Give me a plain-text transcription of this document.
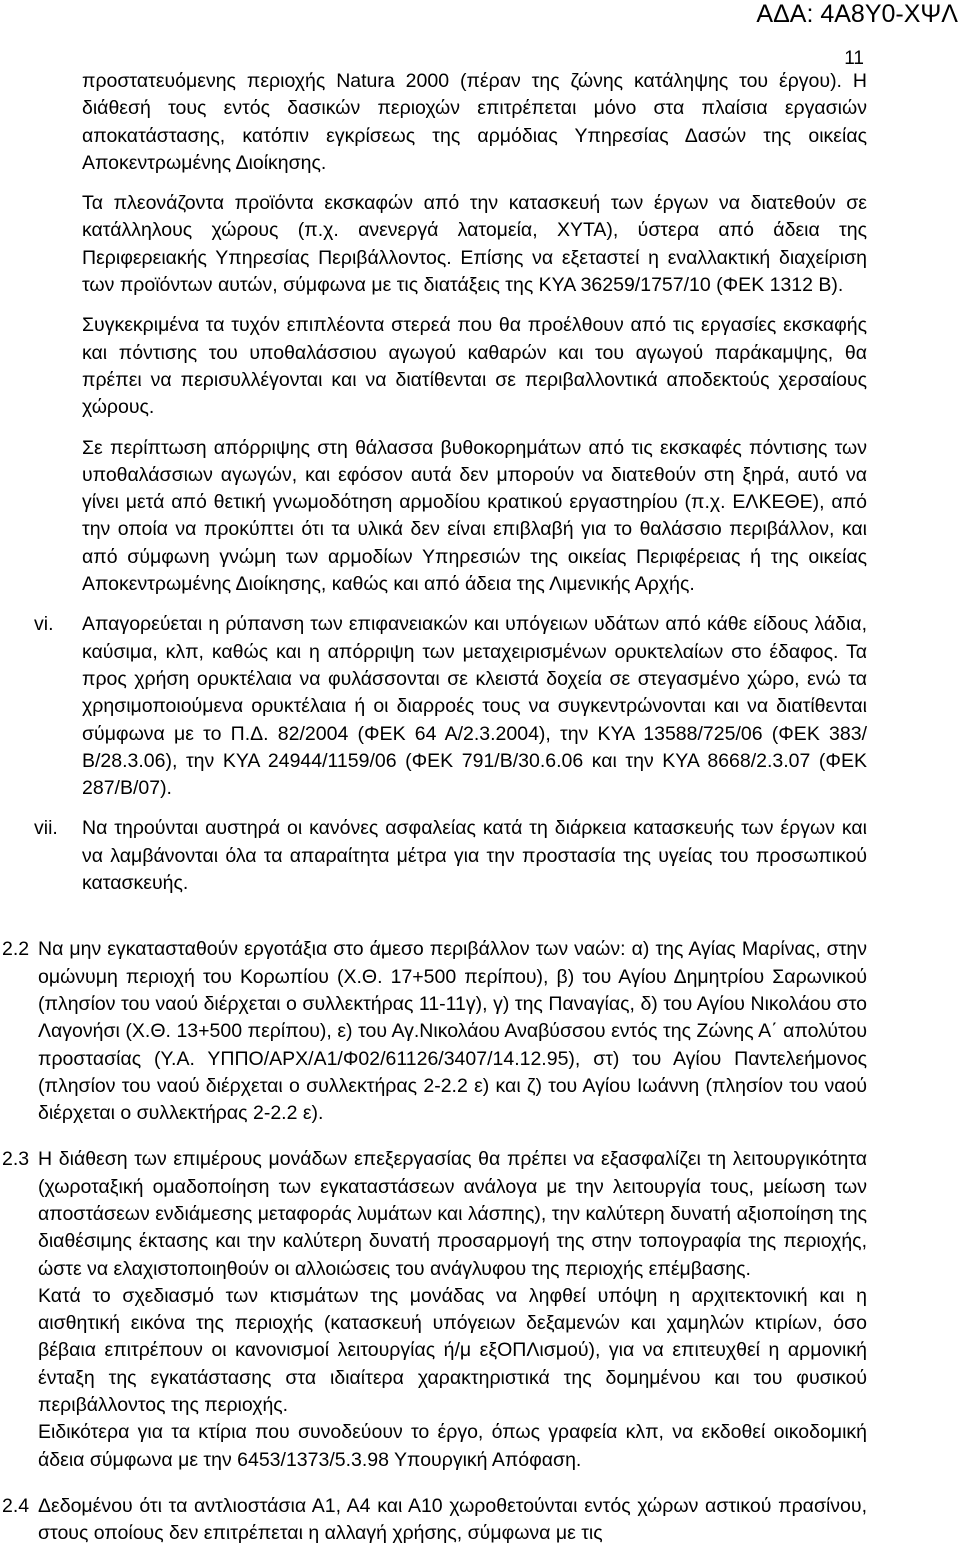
ΑΔΑ: 4Α8Υ0-ΧΨΛ
11

προστατευόμενης περιοχής Natura 2000 (πέραν της ζώνης κατάληψης του έργου). Η διάθεσή τους εντός δασικών περιοχών επιτρέπεται μόνο στα πλαίσια εργασιών αποκατάστασης, κατόπιν εγκρίσεως της αρμόδιας Υπηρεσίας Δασών της οικείας Αποκεντρωμένης Διοίκησης.

Τα πλεονάζοντα προϊόντα εκσκαφών από την κατασκευή των έργων να διατεθούν σε κατάλληλους χώρους (π.χ. ανενεργά λατομεία, ΧΥΤΑ), ύστερα από άδεια της Περιφερειακής Υπηρεσίας Περιβάλλοντος. Επίσης να εξεταστεί η εναλλακτική διαχείριση των προϊόντων αυτών, σύμφωνα με τις διατάξεις της ΚΥΑ 36259/1757/10 (ΦΕΚ 1312 Β).

Συγκεκριμένα τα τυχόν επιπλέοντα στερεά που θα προέλθουν από τις εργασίες εκσκαφής και πόντισης του υποθαλάσσιου αγωγού καθαρών και του αγωγού παράκαμψης, θα πρέπει να περισυλλέγονται και να διατίθενται σε περιβαλλοντικά αποδεκτούς χερσαίους χώρους.

Σε περίπτωση απόρριψης στη θάλασσα βυθοκορημάτων από τις εκσκαφές πόντισης των υποθαλάσσιων αγωγών, και εφόσον αυτά δεν μπορούν να διατεθούν στη ξηρά, αυτό να γίνει μετά από θετική γνωμοδότηση αρμοδίου κρατικού εργαστηρίου (π.χ. ΕΛΚΕΘΕ), από την οποία να προκύπτει ότι τα υλικά δεν είναι επιβλαβή για το θαλάσσιο περιβάλλον, και από σύμφωνη γνώμη των αρμοδίων Υπηρεσιών της οικείας Περιφέρειας ή της οικείας Αποκεντρωμένης Διοίκησης, καθώς και από άδεια της Λιμενικής Αρχής.

vi. Απαγορεύεται η ρύπανση των επιφανειακών και υπόγειων υδάτων από κάθε είδους λάδια, καύσιμα, κλπ, καθώς και η απόρριψη των μεταχειρισμένων ορυκτελαίων στο έδαφος. Τα προς χρήση ορυκτέλαια να φυλάσσονται σε κλειστά δοχεία σε στεγασμένο χώρο, ενώ τα χρησιμοποιούμενα ορυκτέλαια ή οι διαρροές τους να συγκεντρώνονται και να διατίθενται σύμφωνα με το Π.Δ. 82/2004 (ΦΕΚ 64 Α/2.3.2004), την ΚΥΑ 13588/725/06 (ΦΕΚ 383/Β/28.3.06), την ΚΥΑ 24944/1159/06 (ΦΕΚ 791/Β/30.6.06 και την ΚΥΑ 8668/2.3.07 (ΦΕΚ 287/Β/07).
vii. Να τηρούνται αυστηρά οι κανόνες ασφαλείας κατά τη διάρκεια κατασκευής των έργων και να λαμβάνονται όλα τα απαραίτητα μέτρα για την προστασία της υγείας του προσωπικού κατασκευής.
2.2 Να μην εγκατασταθούν εργοτάξια στο άμεσο περιβάλλον των ναών: α) της Αγίας Μαρίνας, στην ομώνυμη περιοχή του Κορωπίου (Χ.Θ. 17+500 περίπου), β) του Αγίου Δημητρίου Σαρωνικού (πλησίον του ναού διέρχεται ο συλλεκτήρας 11-11γ), γ) της Παναγίας, δ) του Αγίου Νικολάου στο Λαγονήσι (Χ.Θ. 13+500 περίπου), ε) του Αγ.Νικολάου Αναβύσσου εντός της Ζώνης Α΄ απολύτου προστασίας (Υ.Α. ΥΠΠΟ/ΑΡΧ/Α1/Φ02/61126/3407/14.12.95), στ) του Αγίου Παντελεήμονος (πλησίον του ναού διέρχεται ο συλλεκτήρας 2-2.2 ε) και ζ) του Αγίου Ιωάννη (πλησίον του ναού διέρχεται ο συλλεκτήρας 2-2.2 ε).

2.3 Η διάθεση των επιμέρους μονάδων επεξεργασίας θα πρέπει να εξασφαλίζει τη λειτουργικότητα (χωροταξική ομαδοποίηση των εγκαταστάσεων ανάλογα με την λειτουργία τους, μείωση των αποστάσεων ενδιάμεσης μεταφοράς λυμάτων και λάσπης), την καλύτερη δυνατή αξιοποίηση της διαθέσιμης έκτασης και την καλύτερη δυνατή προσαρμογή της στην τοπογραφία της περιοχής, ώστε να ελαχιστοποιηθούν οι αλλοιώσεις του ανάγλυφου της περιοχής επέμβασης.

Κατά το σχεδιασμό των κτισμάτων της μονάδας να ληφθεί υπόψη η αρχιτεκτονική και η αισθητική εικόνα της περιοχής (κατασκευή υπόγειων δεξαμενών και χαμηλών κτιρίων, όσο βέβαια επιτρέπουν οι κανονισμοί λειτουργίας ή/μ εξΟΠΛισμού), για να επιτευχθεί η αρμονική ένταξη της εγκατάστασης στα ιδιαίτερα χαρακτηριστικά της δομημένου και του φυσικού περιβάλλοντος της περιοχής.

Ειδικότερα για τα κτίρια που συνοδεύουν το έργο, όπως γραφεία κλπ, να εκδοθεί οικοδομική άδεια σύμφωνα με την 6453/1373/5.3.98 Υπουργική Απόφαση.

2.4 Δεδομένου ότι τα αντλιοστάσια Α1, Α4 και Α10 χωροθετούνται εντός χώρων αστικού πρασίνου, στους οποίους δεν επιτρέπεται η αλλαγή χρήσης, σύμφωνα με τις
